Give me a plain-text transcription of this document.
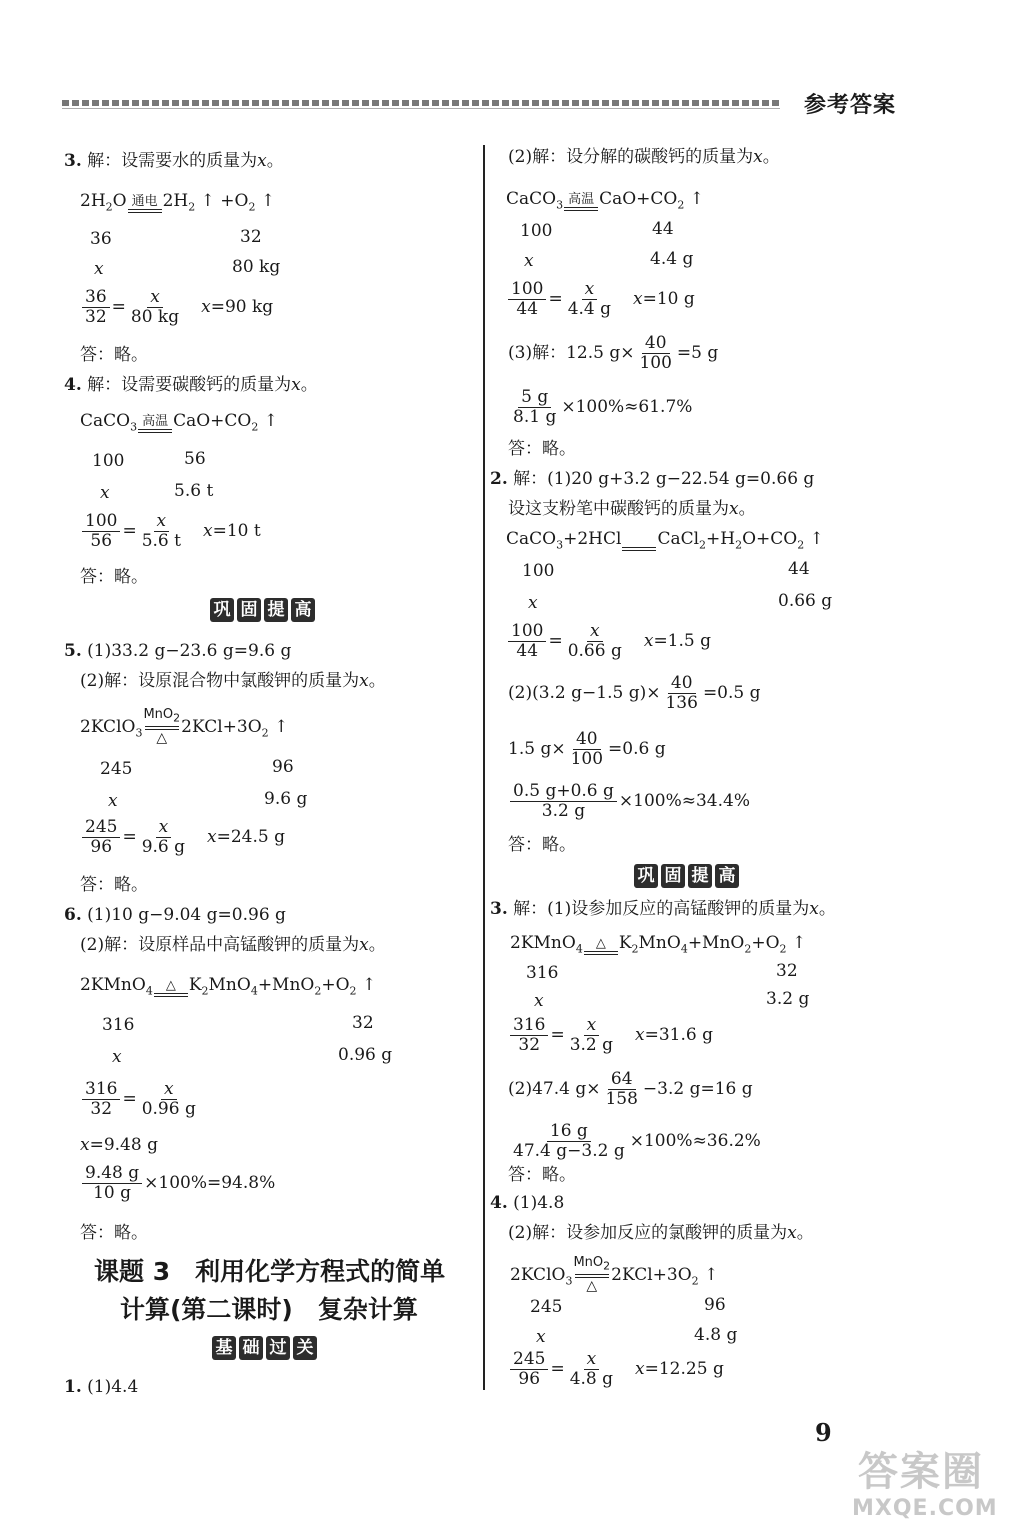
参考答案
3. 解：设需要水的质量为x。
$2H_2O$ 通电 $2H_2$ ↑ $+O_2$ ↑
36	32
x	80 kg
$\frac{36}{32} = \frac{x}{80 kg}$
　 x=90 kg
答：略。
4. 解：设需要碳酸钙的质量为x。
CaCO$_3$ 高温 $CaO+CO_2$ ↑
100	56
x	5.6 t
$\frac{100}{56} = \frac{x}{5.6 t}$
　 x=10 t
答：略。
巩 固 提 高
5. (1)33.2 g−23.6 g=9.6 g
(2)解：设原混合物中氯酸钾的质量为x。
2KClO$_3$
MnO$_2$
△
$2KCl+3O_2$ ↑
245	96
x	9.6 g
$\frac{245}{96} = \frac{x}{9.6 g}$
　 x=24.5 g
答：略。
6. (1)10 g−9.04 g=0.96 g
(2)解：设原样品中高锰酸钾的质量为x。
2KMnO$_4$ △ $K_2MnO_4+MnO_2+O_2$ ↑
316	32
x	0.96 g
$\frac{316}{32} = \frac{x}{0.96 g}$
x=9.48 g
$\frac{9.48 g}{10 g} \times 100\%=94.8\%$
答：略。
课题 3　利用化学方程式的简单
计算(第二课时)　复杂计算
基 础 过 关
1. (1)4.4
(2)解：设分解的碳酸钙的质量为x。
CaCO$_3$ 高温 $CaO+CO_2$ ↑
100	44
x	4.4 g
$\frac{100}{44} = \frac{x}{4.4 g}$
　 x=10 g
(3)解：12.5 $g\times \frac{40}{100} =5$ g
$\frac{5 g}{8.1 g} \times 100\%\approx 61.7\%$
答：略。
2. 解：(1)20 g+3.2 g−22.54 g=0.66 g
设这支粉笔中碳酸钙的质量为x。
CaCO$_3$+2HCl
$CaCl_2+H_2O+CO_2$ ↑
100	44
x	0.66 g
$\frac{100}{44} = \frac{x}{0.66 g}$
　 x=1.5 g
(2)(3.2 g−1.5 $g)\times \frac{40}{136} =0.5$ g
1.5 $g\times \frac{40}{100} =0.6$ g
$\frac{0.5 g+0.6 g}{3.2 g} \times 100\%\approx 34.4\%$
答：略。
巩 固 提 高
3. 解：(1)设参加反应的高锰酸钾的质量为x。
2KMnO$_4$ △ $K_2MnO_4+MnO_2+O_2$ ↑
316	32
x	3.2 g
$\frac{316}{32} = \frac{x}{3.2 g}$
　 x=31.6 g
(2)47.4 $g\times \frac{64}{158} -3.2$ g=16 g
$\frac{16 g}{47.4 g-3.2 g} \times 100\%\approx 36.2\%$
答：略。
4. (1)4.8
(2)解：设参加反应的氯酸钾的质量为x。
2KClO$_3$
MnO$_2$
△
$2KCl+3O_2$ ↑
245	96
x	4.8 g
$\frac{245}{96} = \frac{x}{4.8 g}$
　 x=12.25 g
9
答案圈
MXQE.COM
